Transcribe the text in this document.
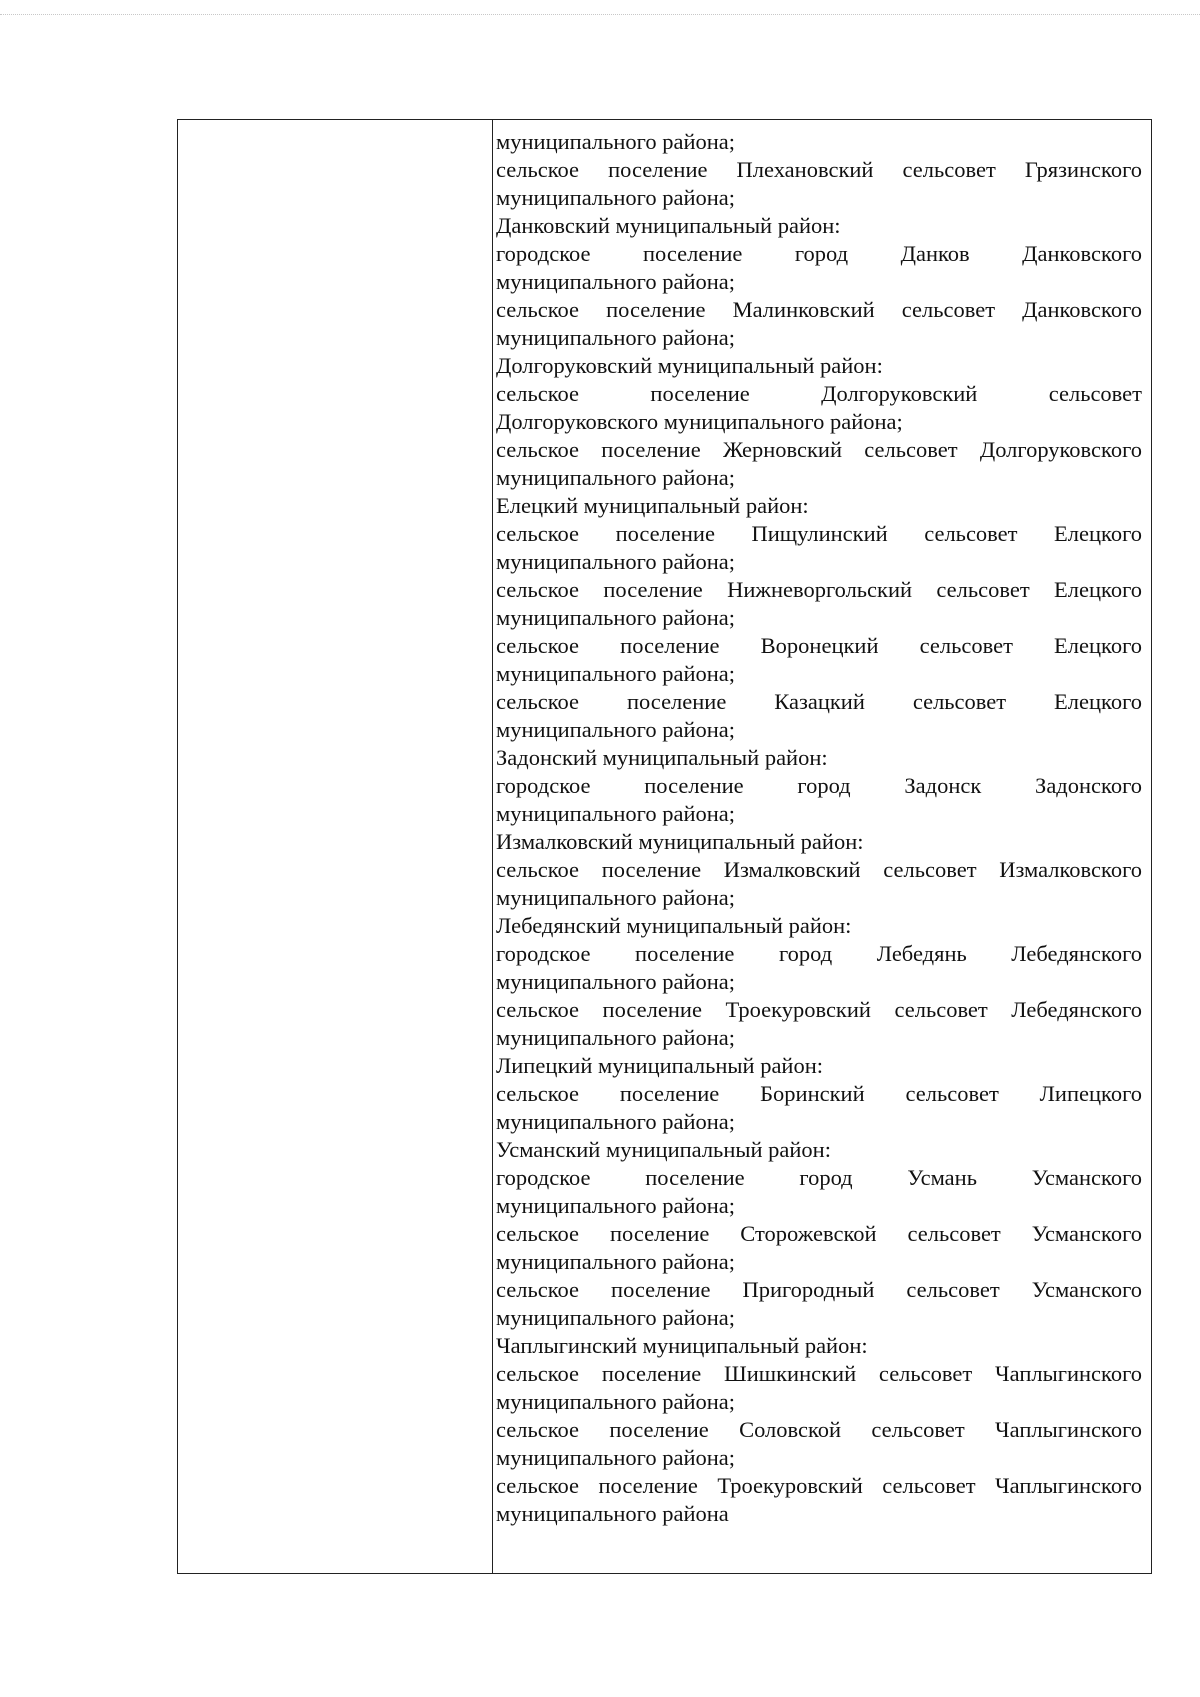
муниципального района;
сельское поселение Плехановский сельсовет Грязинского
муниципального района;
Данковский муниципальный район:
городское поселение город Данков Данковского
муниципального района;
сельское поселение Малинковский сельсовет Данковского
муниципального района;
Долгоруковский муниципальный район:
сельское поселение Долгоруковский сельсовет
Долгоруковского муниципального района;
сельское поселение Жерновский сельсовет Долгоруковского
муниципального района;
Елецкий муниципальный район:
сельское поселение Пищулинский сельсовет Елецкого
муниципального района;
сельское поселение Нижневоргольский сельсовет Елецкого
муниципального района;
сельское поселение Воронецкий сельсовет Елецкого
муниципального района;
сельское поселение Казацкий сельсовет Елецкого
муниципального района;
Задонский муниципальный район:
городское поселение город Задонск Задонского
муниципального района;
Измалковский муниципальный район:
сельское поселение Измалковский сельсовет Измалковского
муниципального района;
Лебедянский муниципальный район:
городское поселение город Лебедянь Лебедянского
муниципального района;
сельское поселение Троекуровский сельсовет Лебедянского
муниципального района;
Липецкий муниципальный район:
сельское поселение Боринский сельсовет Липецкого
муниципального района;
Усманский муниципальный район:
городское поселение город Усмань Усманского
муниципального района;
сельское поселение Сторожевской сельсовет Усманского
муниципального района;
сельское поселение Пригородный сельсовет Усманского
муниципального района;
Чаплыгинский муниципальный район:
сельское поселение Шишкинский сельсовет Чаплыгинского
муниципального района;
сельское поселение Соловской сельсовет Чаплыгинского
муниципального района;
сельское поселение Троекуровский сельсовет Чаплыгинского
муниципального района
